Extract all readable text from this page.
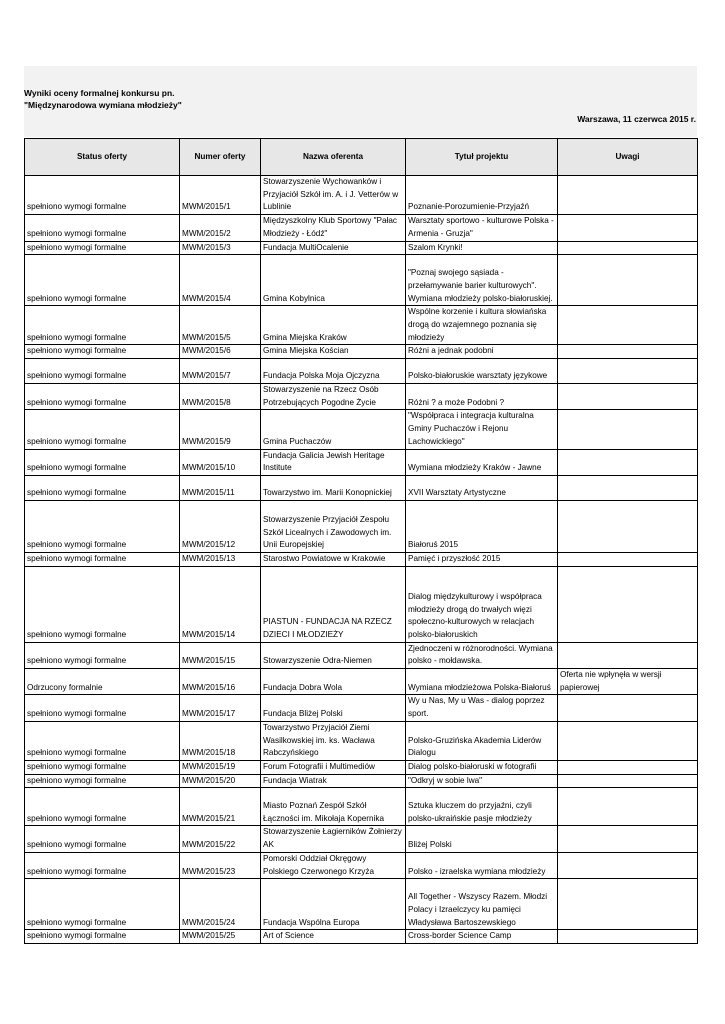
Wyniki oceny formalnej konkursu pn.
"Międzynarodowa wymiana młodzieży"
Warszawa, 11 czerwca 2015 r.
Status oferty	Numer oferty	Nazwa oferenta	Tytuł projektu	Uwagi
spełniono wymogi formalne	MWM/2015/1	Stowarzyszenie Wychowanków i Przyjaciół Szkół im. A. i J. Vetterów w Lublinie	Poznanie-Porozumienie-Przyjaźń	
spełniono wymogi formalne	MWM/2015/2	Międzyszkolny Klub Sportowy "Pałac Młodzieży - Łódź"	Warsztaty sportowo - kulturowe Polska - Armenia - Gruzja"	
spełniono wymogi formalne	MWM/2015/3	Fundacja MultiOcalenie	Szalom Krynki!	
spełniono wymogi formalne	MWM/2015/4	Gmina Kobylnica	"Poznaj swojego sąsiada - przełamywanie barier kulturowych". Wymiana młodzieży polsko-białoruskiej.	
spełniono wymogi formalne	MWM/2015/5	Gmina Miejska Kraków	Wspólne korzenie i kultura słowiańska drogą do wzajemnego poznania się młodzieży	
spełniono wymogi formalne	MWM/2015/6	Gmina Miejska Kościan	Różni a jednak podobni	
spełniono wymogi formalne	MWM/2015/7	Fundacja Polska Moja Ojczyzna	Polsko-białoruskie warsztaty językowe	
spełniono wymogi formalne	MWM/2015/8	Stowarzyszenie na Rzecz Osób Potrzebujących Pogodne Życie	Różni ? a może Podobni ?	
spełniono wymogi formalne	MWM/2015/9	Gmina Puchaczów	"Współpraca i integracja kulturalna Gminy Puchaczów i Rejonu Lachowickiego"	
spełniono wymogi formalne	MWM/2015/10	Fundacja Galicia Jewish Heritage Institute	Wymiana młodzieży Kraków - Jawne	
spełniono wymogi formalne	MWM/2015/11	Towarzystwo im. Marii Konopnickiej	XVII Warsztaty Artystyczne	
spełniono wymogi formalne	MWM/2015/12	Stowarzyszenie Przyjaciół Zespołu Szkół Licealnych i Zawodowych im. Unii Europejskiej	Białoruś 2015	
spełniono wymogi formalne	MWM/2015/13	Starostwo Powiatowe w Krakowie	Pamięć i przyszłość 2015	
spełniono wymogi formalne	MWM/2015/14	PIASTUN - FUNDACJA NA RZECZ DZIECI I MŁODZIEŻY	Dialog międzykulturowy i współpraca młodzieży drogą do trwałych więzi społeczno-kulturowych w relacjach polsko-białoruskich	
spełniono wymogi formalne	MWM/2015/15	Stowarzyszenie Odra-Niemen	Zjednoczeni w różnorodności. Wymiana polsko - mołdawska.	
Odrzucony formalnie	MWM/2015/16	Fundacja Dobra Wola	Wymiana młodzieżowa Polska-Białoruś	Oferta nie wpłynęła w wersji papierowej
spełniono wymogi formalne	MWM/2015/17	Fundacja Bliżej Polski	Wy u Nas, My u Was - dialog poprzez sport.	
spełniono wymogi formalne	MWM/2015/18	Towarzystwo Przyjaciół Ziemi Wasilkowskiej im. ks. Wacława Rabczyńskiego	Polsko-Gruzińska Akademia Liderów Dialogu	
spełniono wymogi formalne	MWM/2015/19	Forum Fotografii i Multimediów	Dialog polsko-białoruski w fotografii	
spełniono wymogi formalne	MWM/2015/20	Fundacja Wiatrak	"Odkryj w sobie lwa"	
spełniono wymogi formalne	MWM/2015/21	Miasto Poznań Zespół Szkół Łączności im. Mikołaja Kopernika	Sztuka kluczem do przyjaźni, czyli polsko-ukraińskie pasje młodzieży	
spełniono wymogi formalne	MWM/2015/22	Stowarzyszenie Łagierników Żołnierzy AK	Bliżej Polski	
spełniono wymogi formalne	MWM/2015/23	Pomorski Oddział Okręgowy Polskiego Czerwonego Krzyża	Polsko - izraelska wymiana młodzieży	
spełniono wymogi formalne	MWM/2015/24	Fundacja Wspólna Europa	All Together - Wszyscy Razem. Młodzi Polacy i Izraelczycy ku pamięci Władysława Bartoszewskiego	
spełniono wymogi formalne	MWM/2015/25	Art of Science	Cross-border Science Camp	
